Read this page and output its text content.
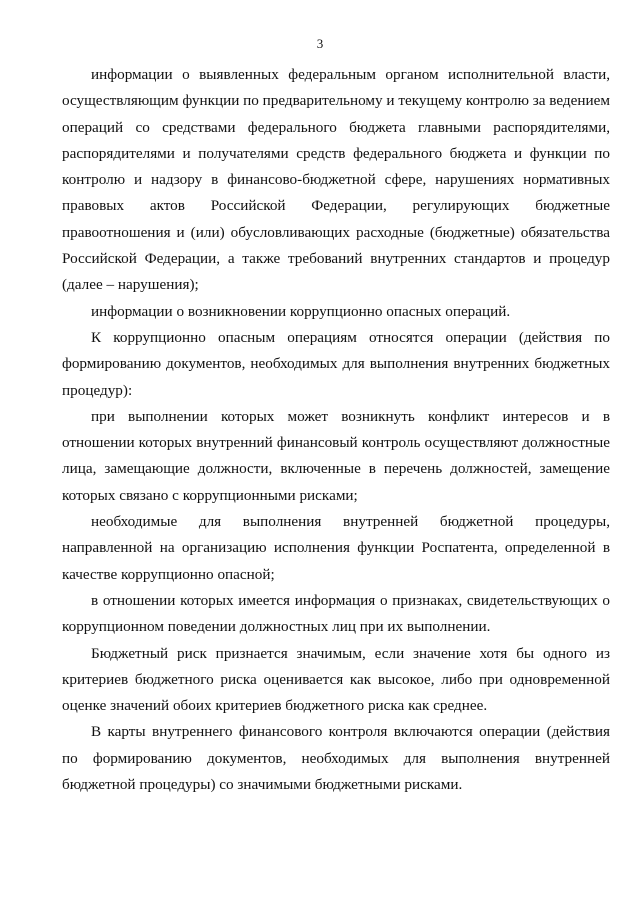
3

информации о выявленных федеральным органом исполнительной власти, осуществляющим функции по предварительному и текущему контролю за ведением операций со средствами федерального бюджета главными распорядителями, распорядителями и получателями средств федерального бюджета и функции по контролю и надзору в финансово-бюджетной сфере, нарушениях нормативных правовых актов Российской Федерации, регулирующих бюджетные правоотношения и (или) обусловливающих расходные (бюджетные) обязательства Российской Федерации, а также требований внутренних стандартов и процедур (далее – нарушения);

информации о возникновении коррупционно опасных операций.

К коррупционно опасным операциям относятся операции (действия по формированию документов, необходимых для выполнения внутренних бюджетных процедур):

при выполнении которых может возникнуть конфликт интересов и в отношении которых внутренний финансовый контроль осуществляют должностные лица, замещающие должности, включенные в перечень должностей, замещение которых связано с коррупционными рисками;

необходимые для выполнения внутренней бюджетной процедуры, направленной на организацию исполнения функции Роспатента, определенной в качестве коррупционно опасной;

в отношении которых имеется информация о признаках, свидетельствующих о коррупционном поведении должностных лиц при их выполнении.

Бюджетный риск признается значимым, если значение хотя бы одного из критериев бюджетного риска оценивается как высокое, либо при одновременной оценке значений обоих критериев бюджетного риска как среднее.

В карты внутреннего финансового контроля включаются операции (действия по формированию документов, необходимых для выполнения внутренней бюджетной процедуры) со значимыми бюджетными рисками.
